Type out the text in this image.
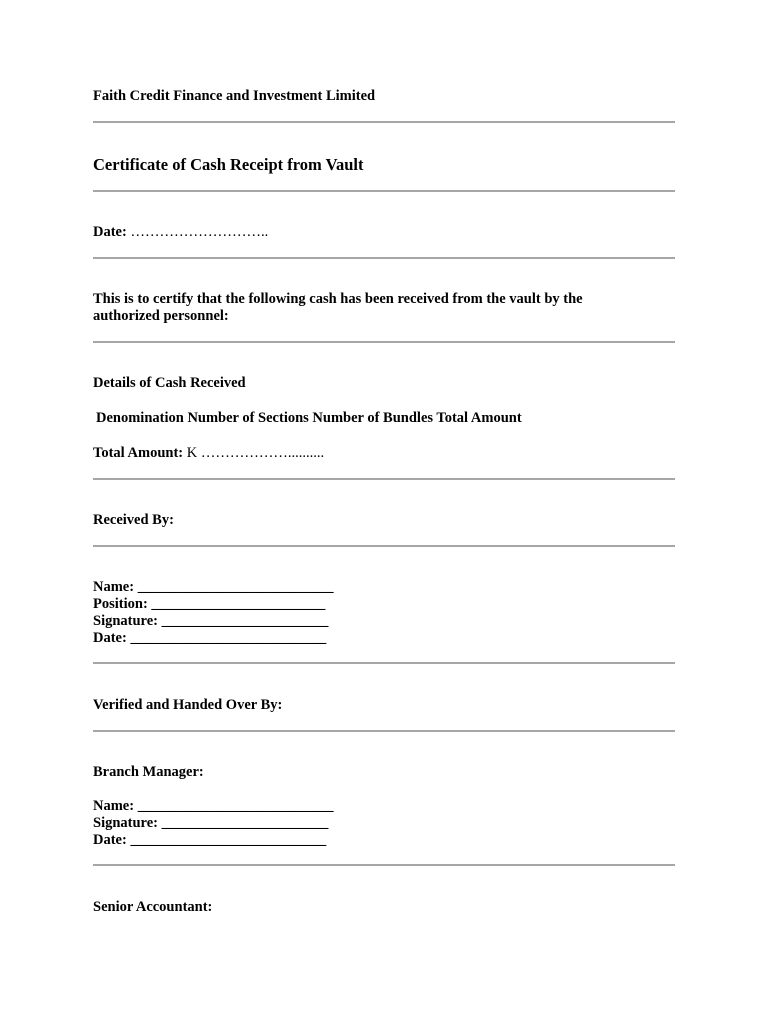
Faith Credit Finance and Investment Limited

Certificate of Cash Receipt from Vault

Date: ………………………..

This is to certify that the following cash has been received from the vault by the authorized personnel:

Details of Cash Received

Denomination Number of Sections Number of Bundles Total Amount

Total Amount: K ………………..........

Received By:

Name: ___________________________

Position: ________________________

Signature: _______________________

Date: ___________________________

Verified and Handed Over By:

Branch Manager:

Name: ___________________________

Signature: _______________________

Date: ___________________________

Senior Accountant:
